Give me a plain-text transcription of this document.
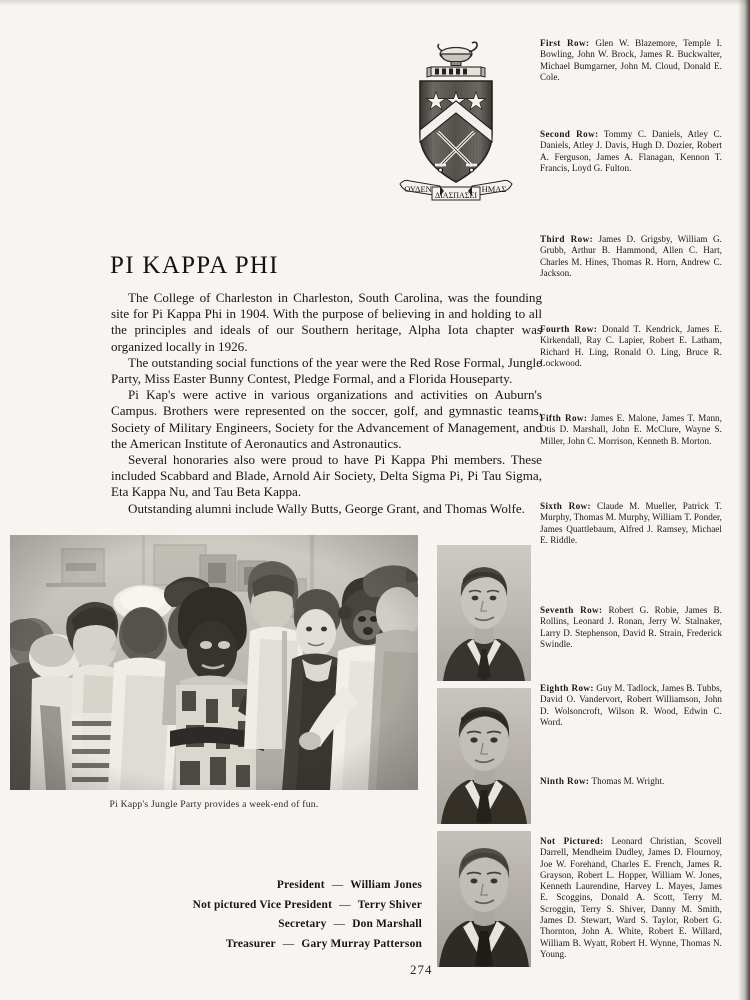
ΟΥΔΕΝ
ΔΙΑΣΠΑΣΕΙ
ΗΜΑΣ
PI KAPPA PHI

The College of Charleston in Charleston, South Carolina, was the founding site for Pi Kappa Phi in 1904. With the purpose of believing in and holding to all the principles and ideals of our Southern heritage, Alpha Iota chapter was organized locally in 1926.

The outstanding social functions of the year were the Red Rose Formal, Jungle Party, Miss Easter Bunny Contest, Pledge Formal, and a Florida Houseparty.

Pi Kap's were active in various organizations and activities on Auburn's Campus. Brothers were represented on the soccer, golf, and gymnastic teams, Society of Military Engineers, Society for the Advancement of Management, and the American Institute of Aeronautics and Astronautics.

Several honoraries also were proud to have Pi Kappa Phi members. These included Scabbard and Blade, Arnold Air Society, Delta Sigma Pi, Pi Tau Sigma, Eta Kappa Nu, and Tau Beta Kappa.

Outstanding alumni include Wally Butts, George Grant, and Thomas Wolfe.

Pi Kapp's Jungle Party provides a week-end of fun.
President — William Jones
Not pictured Vice President — Terry Shiver
Secretary — Don Marshall
Treasurer — Gary Murray Patterson
274
First Row: Glen W. Blazemore, Temple I. Bowling, John W. Brock, James R. Buckwalter, Michael Bumgarner, John M. Cloud, Donald E. Cole.
Second Row: Tommy C. Daniels, Atley C. Daniels, Atley J. Davis, Hugh D. Dozier, Robert A. Ferguson, James A. Flanagan, Kennon T. Francis, Loyd G. Fulton.
Third Row: James D. Grigsby, William G. Grubb, Arthur B. Hammond, Allen C. Hart, Charles M. Hines, Thomas R. Horn, Andrew C. Jackson.
Fourth Row: Donald T. Kendrick, James E. Kirkendall, Ray C. Lapier, Robert E. Latham, Richard H. Ling, Ronald O. Ling, Bruce R. Lockwood.
Fifth Row: James E. Malone, James T. Mann, Otis D. Marshall, John E. McClure, Wayne S. Miller, John C. Morrison, Kenneth B. Morton.
Sixth Row: Claude M. Mueller, Patrick T. Murphy, Thomas M. Murphy, William T. Ponder, James Quattlebaum, Alfred J. Ramsey, Michael E. Riddle.
Seventh Row: Robert G. Robie, James B. Rollins, Leonard J. Ronan, Jerry W. Stalnaker, Larry D. Stephenson, David R. Strain, Frederick Swindle.
Eighth Row: Guy M. Tadlock, James B. Tubbs, David O. Vandervort, Robert Williamson, John D. Wolsoncroft, Wilson R. Wood, Edwin C. Word.
Ninth Row: Thomas M. Wright.
Not Pictured: Leonard Christian, Scovell Darrell, Mendheim Dudley, James D. Flournoy, Joe W. Forehand, Charles E. French, James R. Grayson, Robert L. Hopper, William W. Jones, Kenneth Laurendine, Harvey L. Mayes, James E. Scoggins, Donald A. Scott, Terry M. Scroggin, Terry S. Shiver, Danny M. Smith, James D. Stewart, Ward S. Taylor, Robert G. Thornton, John A. White, Robert E. Willard, William B. Wyatt, Robert H. Wynne, Thomas N. Young.
